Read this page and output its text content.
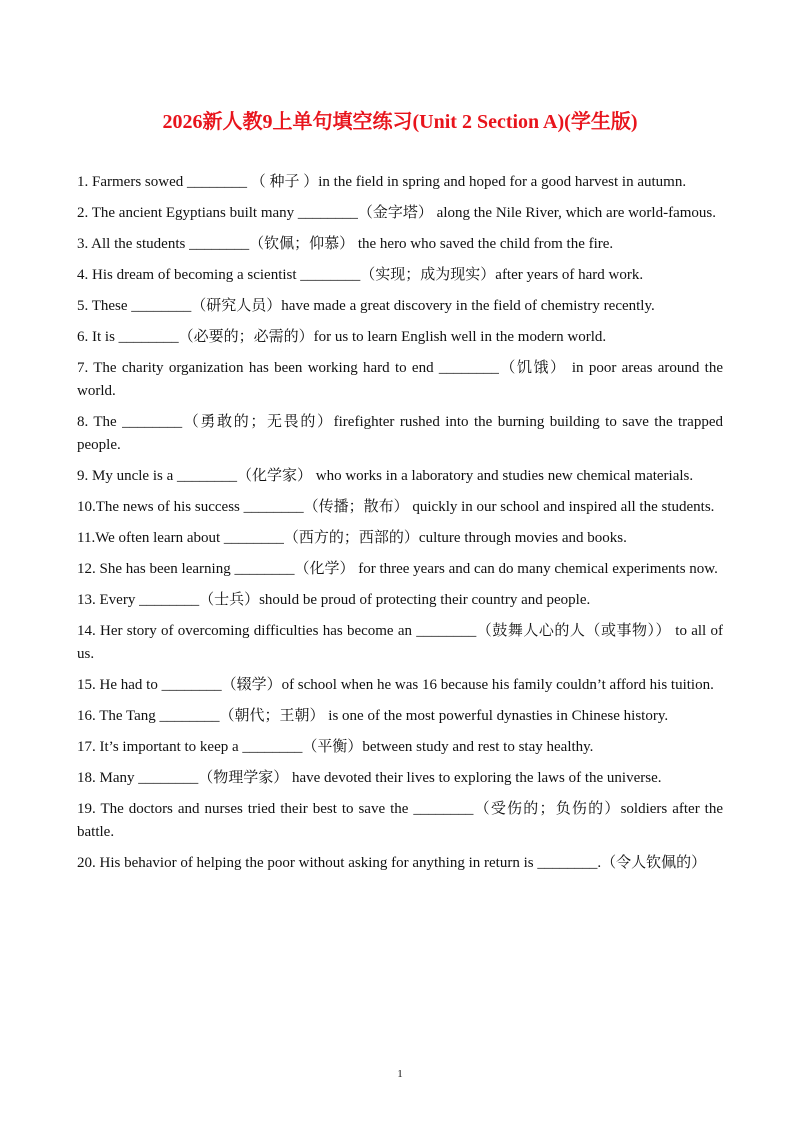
2026新人教9上单句填空练习(Unit 2 Section A)(学生版)

1. Farmers sowed ________ （ 种子 ）in the field in spring and hoped for a good harvest in autumn.

2. The ancient Egyptians built many ________（金字塔） along the Nile River, which are world-famous.

3. All the students ________（钦佩；仰慕） the hero who saved the child from the fire.

4. His dream of becoming a scientist ________（实现；成为现实）after years of hard work.

5. These ________（研究人员）have made a great discovery in the field of chemistry recently.

6. It is ________（必要的；必需的）for us to learn English well in the modern world.

7. The charity organization has been working hard to end ________（饥饿） in poor areas around the world.

8. The ________（勇敢的；无畏的）firefighter rushed into the burning building to save the trapped people.

9. My uncle is a ________（化学家） who works in a laboratory and studies new chemical materials.

10.The news of his success ________（传播；散布） quickly in our school and inspired all the students.

11.We often learn about ________（西方的；西部的）culture through movies and books.

12. She has been learning ________（化学） for three years and can do many chemical experiments now.

13. Every ________（士兵）should be proud of protecting their country and people.

14. Her story of overcoming difficulties has become an ________（鼓舞人心的人（或事物）） to all of us.

15. He had to ________（辍学）of school when he was 16 because his family couldn’t afford his tuition.

16. The Tang ________（朝代；王朝） is one of the most powerful dynasties in Chinese history.

17. It’s important to keep a ________（平衡）between study and rest to stay healthy.

18. Many ________（物理学家） have devoted their lives to exploring the laws of the universe.

19. The doctors and nurses tried their best to save the ________（受伤的；负伤的）soldiers after the battle.

20. His behavior of helping the poor without asking for anything in return is ________.（令人钦佩的）

1
